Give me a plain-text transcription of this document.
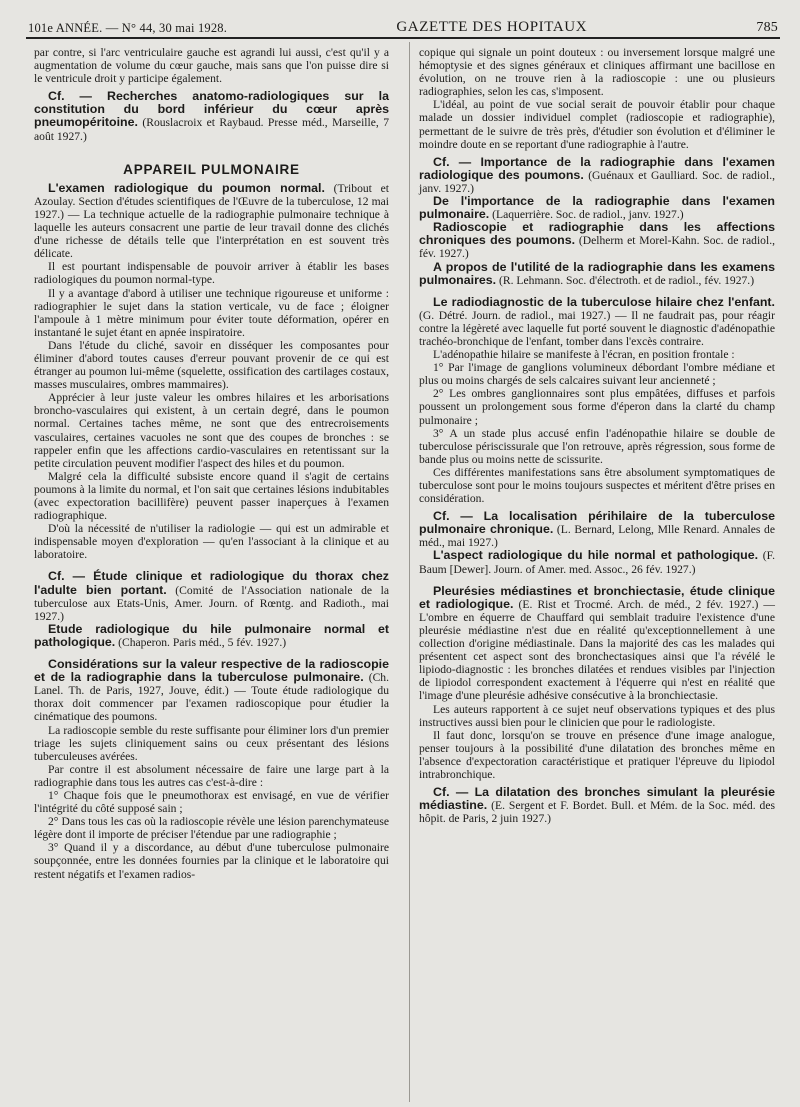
101e ANNÉE. — N° 44, 30 mai 1928.	GAZETTE DES HOPITAUX	785

par contre, si l'arc ventriculaire gauche est agrandi lui aussi, c'est qu'il y a augmentation de volume du cœur gauche, mais sans que l'on puisse dire si le ventricule droit y participe également.

Cf. — Recherches anatomo-radiologiques sur la constitution du bord inférieur du cœur après pneumopéritoine. (Rouslacroix et Raybaud. Presse méd., Marseille, 7 août 1927.)

APPAREIL PULMONAIRE

L'examen radiologique du poumon normal. (Tribout et Azoulay. Section d'études scientifiques de l'Œuvre de la tuberculose, 12 mai 1927.) — La technique actuelle de la radiographie pulmonaire technique à laquelle les auteurs consacrent une partie de leur travail donne des clichés d'une richesse de détails telle que l'interprétation en est souvent très délicate.

Il est pourtant indispensable de pouvoir arriver à établir les bases radiologiques du poumon normal-type.

Il y a avantage d'abord à utiliser une technique rigoureuse et uniforme : radiographier le sujet dans la station verticale, vu de face ; éloigner l'ampoule à 1 mètre minimum pour éviter toute déformation, opérer en instantané le sujet étant en apnée inspiratoire.

Dans l'étude du cliché, savoir en disséquer les composantes pour éliminer d'abord toutes causes d'erreur pouvant provenir de ce qui est étranger au poumon lui-même (squelette, ossification des cartilages costaux, masses musculaires, ombres mammaires).

Apprécier à leur juste valeur les ombres hilaires et les arborisations broncho-vasculaires qui existent, à un certain degré, dans le poumon normal. Certaines taches même, ne sont que des entrecroisements vasculaires, certaines vacuoles ne sont que des coupes de bronches : se rappeler enfin que les affections cardio-vasculaires en retentissant sur la petite circulation peuvent modifier l'aspect des hiles et du poumon.

Malgré cela la difficulté subsiste encore quand il s'agit de certains poumons à la limite du normal, et l'on sait que certaines lésions indubitables (avec expectoration bacillifère) peuvent passer inaperçues à l'examen radiographique.

D'où la nécessité de n'utiliser la radiologie — qui est un admirable et indispensable moyen d'exploration — qu'en l'associant à la clinique et au laboratoire.

Cf. — Étude clinique et radiologique du thorax chez l'adulte bien portant. (Comité de l'Association nationale de la tuberculose aux Etats-Unis, Amer. Journ. of Rœntg. and Radioth., mai 1927.)

Etude radiologique du hile pulmonaire normal et pathologique. (Chaperon. Paris méd., 5 fév. 1927.)

Considérations sur la valeur respective de la radioscopie et de la radiographie dans la tuberculose pulmonaire. (Ch. Lanel. Th. de Paris, 1927, Jouve, édit.) — Toute étude radiologique du thorax doit commencer par l'examen radioscopique pour étudier la cinématique des poumons.

La radioscopie semble du reste suffisante pour éliminer lors d'un premier triage les sujets cliniquement sains ou ceux présentant des lésions tuberculeuses avérées.

Par contre il est absolument nécessaire de faire une large part à la radiographie dans tous les autres cas c'est-à-dire :

1° Chaque fois que le pneumothorax est envisagé, en vue de vérifier l'intégrité du côté supposé sain ;

2° Dans tous les cas où la radioscopie révèle une lésion parenchymateuse légère dont il importe de préciser l'étendue par une radiographie ;

3° Quand il y a discordance, au début d'une tuberculose pulmonaire soupçonnée, entre les données fournies par la clinique et le laboratoire qui restent négatifs et l'examen radios-

copique qui signale un point douteux : ou inversement lorsque malgré une hémoptysie et des signes généraux et cliniques affirmant une bacillose en évolution, on ne trouve rien à la radioscopie : une ou plusieurs radiographies, selon les cas, s'imposent.

L'idéal, au point de vue social serait de pouvoir établir pour chaque malade un dossier individuel complet (radioscopie et radiographie), permettant de le suivre de très près, d'étudier son évolution et d'éliminer le moindre doute en se reportant d'une radiographie à l'autre.

Cf. — Importance de la radiographie dans l'examen radiologique des poumons. (Guénaux et Gaulliard. Soc. de radiol., janv. 1927.)

De l'importance de la radiographie dans l'examen pulmonaire. (Laquerrière. Soc. de radiol., janv. 1927.)

Radioscopie et radiographie dans les affections chroniques des poumons. (Delherm et Morel-Kahn. Soc. de radiol., fév. 1927.)

A propos de l'utilité de la radiographie dans les examens pulmonaires. (R. Lehmann. Soc. d'électroth. et de radiol., fév. 1927.)

Le radiodiagnostic de la tuberculose hilaire chez l'enfant. (G. Détré. Journ. de radiol., mai 1927.) — Il ne faudrait pas, pour réagir contre la légèreté avec laquelle fut porté souvent le diagnostic d'adénopathie trachéo-bronchique de l'enfant, tomber dans l'excès contraire.

L'adénopathie hilaire se manifeste à l'écran, en position frontale :

1° Par l'image de ganglions volumineux débordant l'ombre médiane et plus ou moins chargés de sels calcaires suivant leur ancienneté ;

2° Les ombres ganglionnaires sont plus empâtées, diffuses et parfois poussent un prolongement sous forme d'éperon dans la clarté du champ pulmonaire ;

3° A un stade plus accusé enfin l'adénopathie hilaire se double de tuberculose périscissurale que l'on retrouve, après régression, sous forme de bande plus ou moins nette de scissurite.

Ces différentes manifestations sans être absolument symptomatiques de tuberculose sont pour le moins toujours suspectes et méritent d'être prises en considération.

Cf. — La localisation périhilaire de la tuberculose pulmonaire chronique. (L. Bernard, Lelong, Mlle Renard. Annales de méd., mai 1927.)

L'aspect radiologique du hile normal et pathologique. (F. Baum [Dewer]. Journ. of Amer. med. Assoc., 26 fév. 1927.)

Pleurésies médiastines et bronchiectasie, étude clinique et radiologique. (E. Rist et Trocmé. Arch. de méd., 2 fév. 1927.) — L'ombre en équerre de Chauffard qui semblait traduire l'existence d'une pleurésie médiastine n'est due en réalité qu'exceptionnellement à une collection d'origine médiastinale. Dans la majorité des cas les malades qui présentent cet aspect sont des bronchectasiques ainsi que l'a révélé le lipiodo-diagnostic : les bronches dilatées et rendues visibles par l'injection de lipiodol correspondent exactement à l'équerre qui n'est en réalité que l'image d'une pleurésie adhésive consécutive à la bronchiectasie.

Les auteurs rapportent à ce sujet neuf observations typiques et des plus instructives aussi bien pour le clinicien que pour le radiologiste.

Il faut donc, lorsqu'on se trouve en présence d'une image analogue, penser toujours à la possibilité d'une dilatation des bronches même en l'absence d'expectoration caractéristique et pratiquer l'épreuve du lipiodol intrabronchique.

Cf. — La dilatation des bronches simulant la pleurésie médiastine. (E. Sergent et F. Bordet. Bull. et Mém. de la Soc. méd. des hôpit. de Paris, 2 juin 1927.)
